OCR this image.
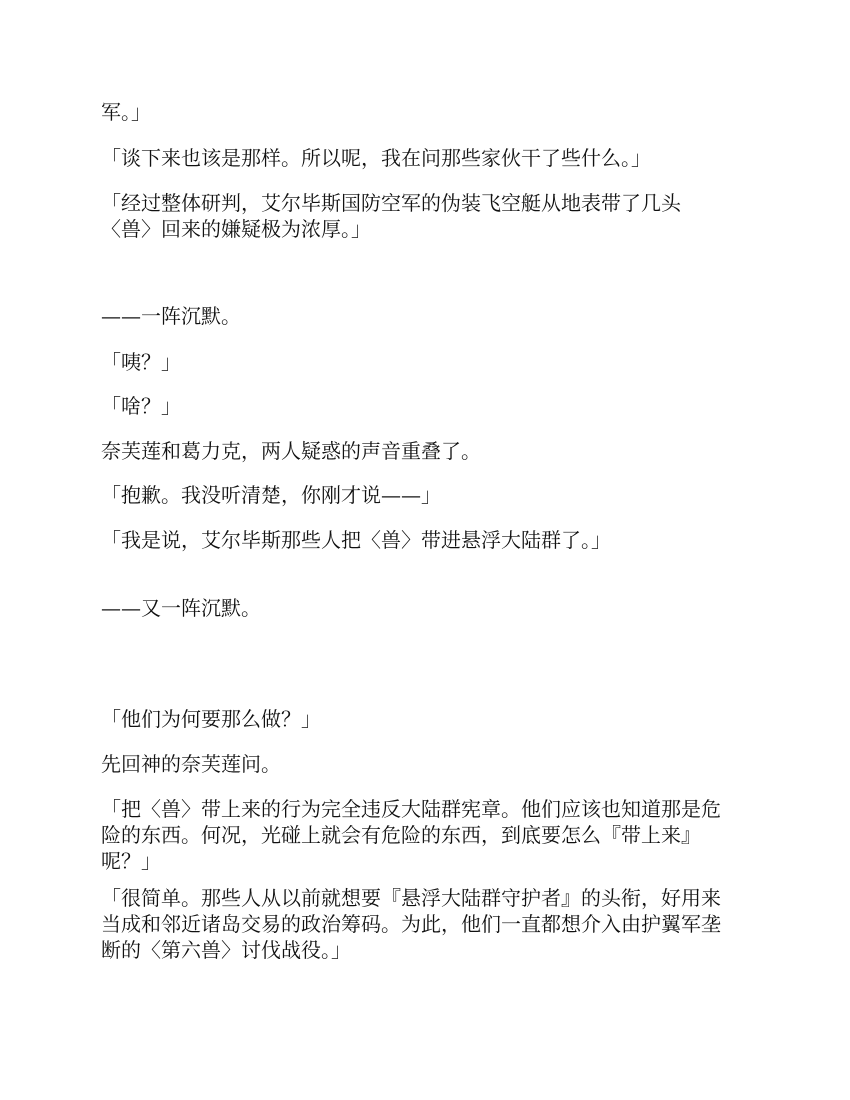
军。」

「谈下来也该是那样。所以呢，我在问那些家伙干了些什么。」

「经过整体研判，艾尔毕斯国防空军的伪装飞空艇从地表带了几头
〈兽〉回来的嫌疑极为浓厚。」

——一阵沉默。

「咦？」

「啥？」

奈芙莲和葛力克，两人疑惑的声音重叠了。

「抱歉。我没听清楚，你刚才说——」

「我是说，艾尔毕斯那些人把〈兽〉带进悬浮大陆群了。」

——又一阵沉默。

「他们为何要那么做？」

先回神的奈芙莲问。

「把〈兽〉带上来的行为完全违反大陆群宪章。他们应该也知道那是危
险的东西。何况，光碰上就会有危险的东西，到底要怎么『带上来』
呢？」

「很简单。那些人从以前就想要『悬浮大陆群守护者』的头衔，好用来
当成和邻近诸岛交易的政治筹码。为此，他们一直都想介入由护翼军垄
断的〈第六兽〉讨伐战役。」
